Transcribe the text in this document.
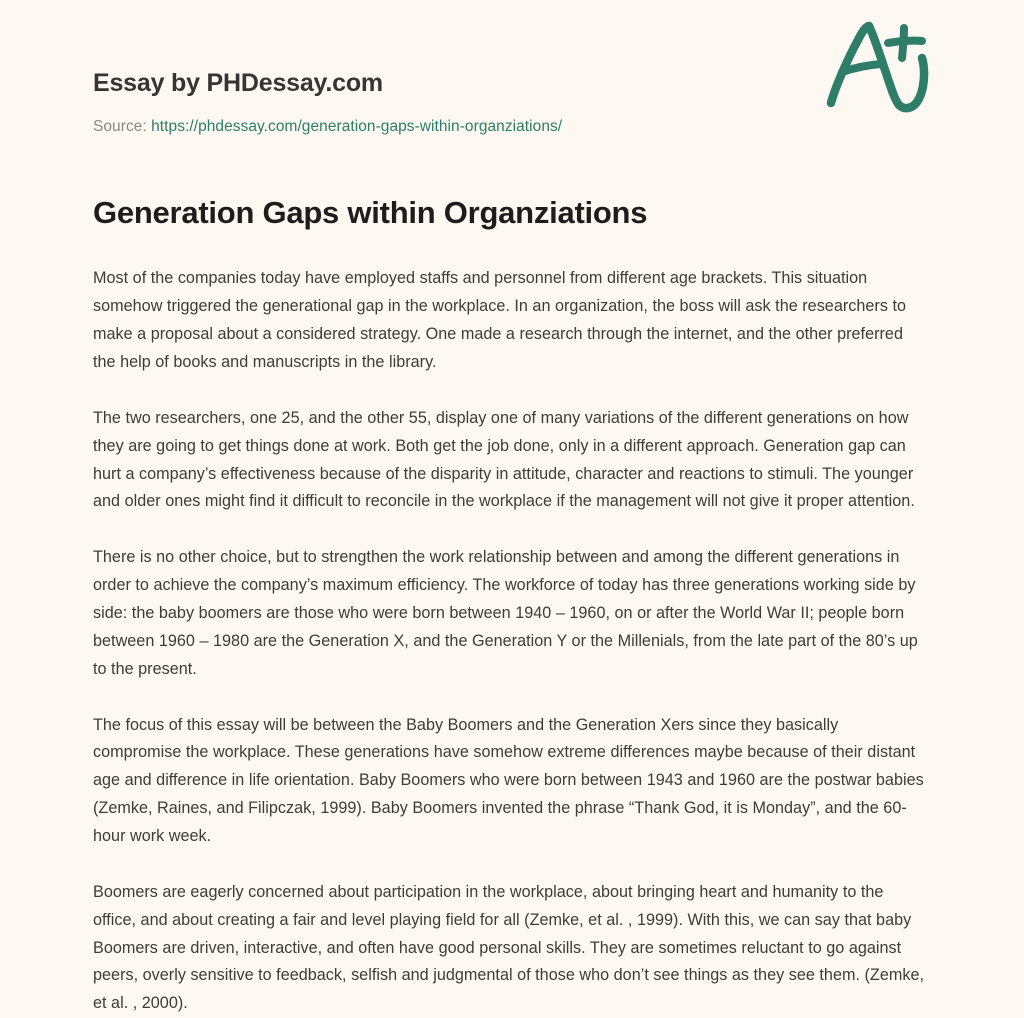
Essay by PHDessay.com

Source: https://phdessay.com/generation-gaps-within-organziations/

Generation Gaps within Organziations

Most of the companies today have employed staffs and personnel from different age brackets. This situation somehow triggered the generational gap in the workplace. In an organization, the boss will ask the researchers to make a proposal about a considered strategy. One made a research through the internet, and the other preferred the help of books and manuscripts in the library.

The two researchers, one 25, and the other 55, display one of many variations of the different generations on how they are going to get things done at work. Both get the job done, only in a different approach. Generation gap can hurt a company’s effectiveness because of the disparity in attitude, character and reactions to stimuli. The younger and older ones might find it difficult to reconcile in the workplace if the management will not give it proper attention.

There is no other choice, but to strengthen the work relationship between and among the different generations in order to achieve the company’s maximum efficiency. The workforce of today has three generations working side by side: the baby boomers are those who were born between 1940 – 1960, on or after the World War II; people born between 1960 – 1980 are the Generation X, and the Generation Y or the Millenials, from the late part of the 80’s up to the present.

The focus of this essay will be between the Baby Boomers and the Generation Xers since they basically compromise the workplace. These generations have somehow extreme differences maybe because of their distant age and difference in life orientation. Baby Boomers who were born between 1943 and 1960 are the postwar babies (Zemke, Raines, and Filipczak, 1999). Baby Boomers invented the phrase “Thank God, it is Monday”, and the 60-hour work week.

Boomers are eagerly concerned about participation in the workplace, about bringing heart and humanity to the office, and about creating a fair and level playing field for all (Zemke, et al. , 1999). With this, we can say that baby Boomers are driven, interactive, and often have good personal skills. They are sometimes reluctant to go against peers, overly sensitive to feedback, selfish and judgmental of those who don’t see things as they see them. (Zemke, et al. , 2000).
